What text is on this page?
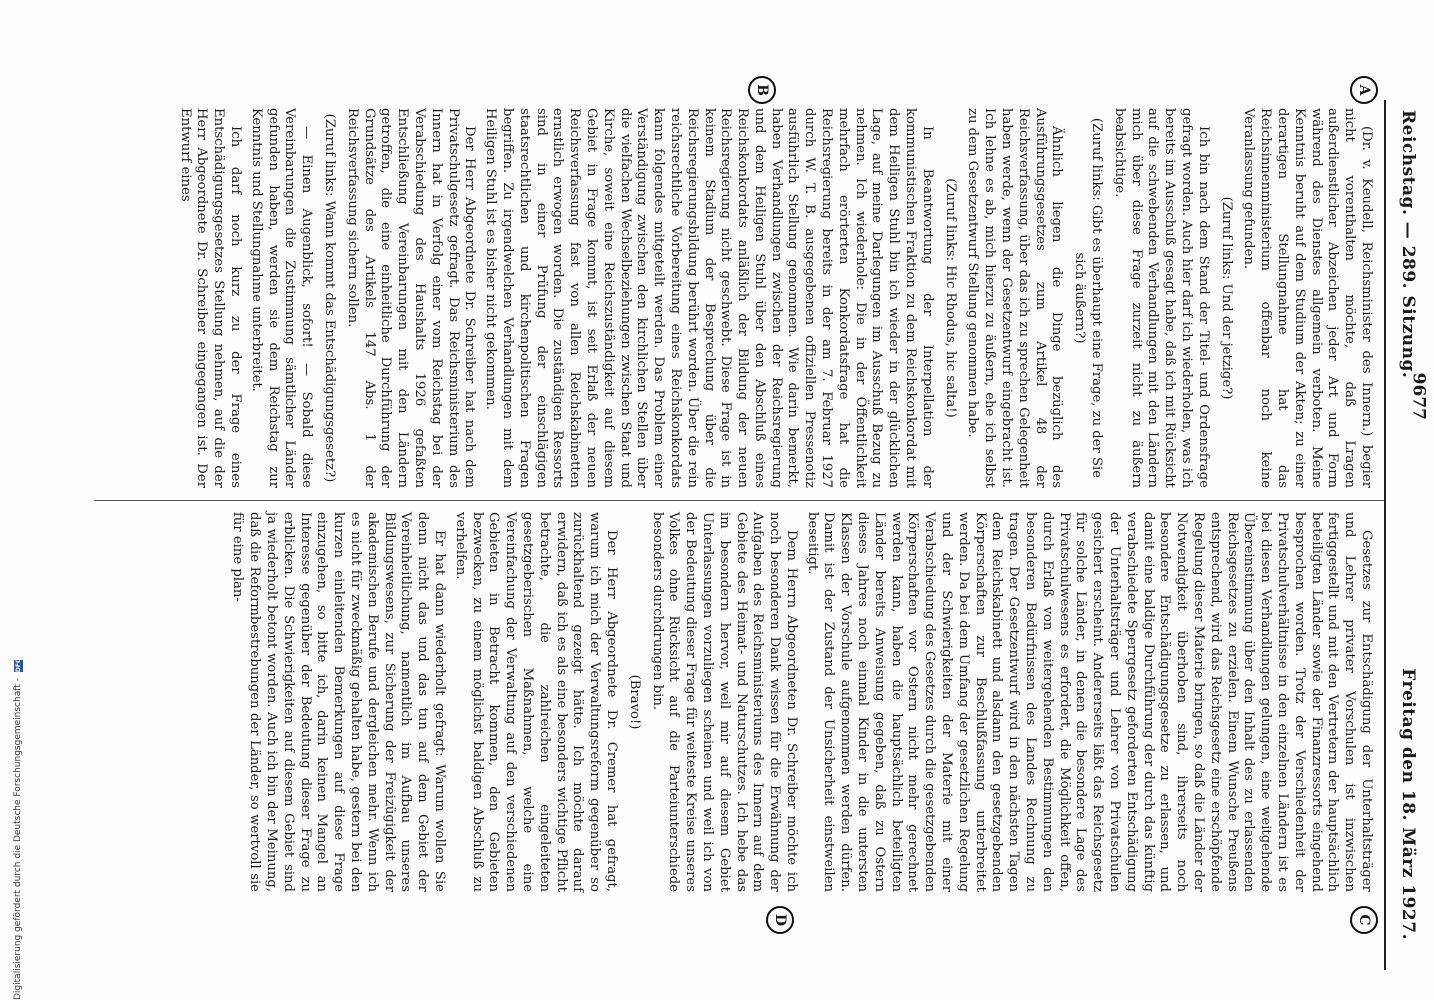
Reichstag. — 289. Sitzung.
Freitag den 18. März 1927.
A
B
C
D

(Dr. v. Keudell, Reichsminister des Innern.) begier nicht vorenthalten möchte, daß Lragen außerdienstlicher Abzeichen jeder Art und Form während des Dienstes allgemein verboten. Meine Kenntnis beruht auf dem Studium der Akten; zu einer derartigen Stellungnahme hat das Reichsinnenministerium offenbar noch keine Veranlassung gefunden.

(Zuruf links: Und der jetzige?)

Ich bin nach dem Stand der Titel- und Ordensfrage gefragt worden. Auch hier darf ich wiederholen, was ich bereits im Ausschuß gesagt habe, daß ich mit Rücksicht auf die schwebenden Verhandlungen mit den Ländern mich über diese Frage zurzeit nicht zu äußern beabsichtige.

(Zuruf links: Gibt es überhaupt eine Frage, zu der Sie sich äußern?)

Ähnlich liegen die Dinge bezüglich des Ausführungsgesetzes zum Artikel 48 der Reichsverfassung, über das ich zu sprechen Gelegenheit haben werde, wenn der Gesetzentwurf eingebracht ist. Ich lehne es ab, mich hierzu zu äußern, ehe ich selbst zu dem Gesetzentwurf Stellung genommen habe.

(Zuruf links: Hic Rhodus, hic salta!)

In Beantwortung der Interpellation der kommunistischen Fraktion zu dem Reichskonkordat mit dem Heiligen Stuhl bin ich wieder in der glücklichen Lage, auf meine Darlegungen im Ausschuß Bezug zu nehmen. Ich wiederhole: Die in der Öffentlichkeit mehrfach erörterten Konkordatsfrage hat die Reichsregierung bereits in der am 7. Februar 1927 durch W. T. B. ausgegebenen offiziellen Pressenotiz ausführlich Stellung genommen. Wie darin bemerkt, haben Verhandlungen zwischen der Reichsregierung und dem Heiligen Stuhl über den Abschluß eines Reichskonkordats anläßlich der Bildung der neuen Reichsregierung nicht geschwebt. Diese Frage ist in keinem Stadium der Besprechung über die Reichsregierungsbildung berührt worden. Über die rein reichsrechtliche Vorbereitung eines Reichskonkordats kann folgendes mitgeteilt werden. Das Problem einer Verständigung zwischen den kirchlichen Stellen über die vielfachen Wechselbeziehungen zwischen Staat und Kirche, soweit eine Reichszuständigkeit auf diesem Gebiet in Frage kommt, ist seit Erlaß der neuen Reichsverfassung fast von allen Reichskabinetten ernstlich erwogen worden. Die zuständigen Ressorts sind in einer Prüfung der einschlägigen staatsrechtlichen und kirchenpolitischen Fragen begriffen. Zu irgendwelchen Verhandlungen mit dem Heiligen Stuhl ist es bisher nicht gekommen.

Der Herr Abgeordnete Dr. Schreiber hat nach dem Privatschulgesetz gefragt. Das Reichsministerium des Innern hat in Verfolg einer vom Reichstag bei der Verabschiedung des Haushalts 1926 gefaßten Entschließung Vereinbarungen mit den Ländern getroffen, die eine einheitliche Durchführung der Grundsätze des Artikels 147 Abs. 1 der Reichsverfassung sichern sollen.

(Zuruf links: Wann kommt das Entschädigungsgesetz?)

— Einen Augenblick, sofort! — Sobald diese Vereinbarungen die Zustimmung sämtlicher Länder gefunden haben, werden sie dem Reichstag zur Kenntnis und Stellungnahme unterbreitet.

Ich darf noch kurz zu der Frage eines Entschädigungsgesetzes Stellung nehmen, auf die der Herr Abgeordnete Dr. Schreiber eingegangen ist. Der Entwurf eines

Gesetzes zur Entschädigung der Unterhaltsträger und Lehrer privater Vorschulen ist inzwischen fertiggestellt und mit den Vertretern der hauptsächlich beteiligten Länder sowie der Finanzressorts eingehend besprochen worden. Trotz der Verschiedenheit der Privatschulverhältnisse in den einzelnen Ländern ist es bei diesen Verhandlungen gelungen, eine weitgehende Übereinstimmung über den Inhalt des zu erlassenden Reichsgesetzes zu erzielen. Einem Wunsche Preußens entsprechend, wird das Reichsgesetz eine erschöpfende Regelung dieser Materie bringen, so daß die Länder der Notwendigkeit überhoben sind, ihrerseits noch besondere Entschädigungsgesetze zu erlassen, und damit eine baldige Durchführung der durch das künftig verabschiedete Sperrgesetz geforderten Entschädigung der Unterhaltsträger und Lehrer von Privatschulen gesichert erscheint. Andererseits läßt das Reichsgesetz für solche Länder, in denen die besondere Lage des Privatschulwesens es erfordert, die Möglichkeit offen, durch Erlaß von weitergehenden Bestimmungen den besonderen Bedürfnissen des Landes Rechnung zu tragen. Der Gesetzentwurf wird in den nächsten Tagen dem Reichskabinett und alsdann den gesetzgebenden Körperschaften zur Beschlußfassung unterbreitet werden. Da bei dem Umfang der gesetzlichen Regelung und der Schwierigkeiten der Materie mit einer Verabschiedung des Gesetzes durch die gesetzgebenden Körperschaften vor Ostern nicht mehr gerechnet werden kann, haben die hauptsächlich beteiligten Länder bereits Anweisung gegeben, daß zu Ostern dieses Jahres noch einmal Kinder in die untersten Klassen der Vorschule aufgenommen werden dürfen. Damit ist der Zustand der Unsicherheit einstweilen beseitigt.

Dem Herrn Abgeordneten Dr. Schreiber möchte ich noch besonderen Dank wissen für die Erwähnung der Aufgaben des Reichsministeriums des Innern auf dem Gebiete des Heimat- und Naturschutzes. Ich hebe das im besondern hervor, weil mir auf diesem Gebiet Unterlassungen vorzuliegen scheinen und weil ich von der Bedeutung dieser Frage für weiteste Kreise unseres Volkes ohne Rücksicht auf die Parteiunterschiede besonders durchdrungen bin.

(Bravo!)

Der Herr Abgeordnete Dr. Cremer hat gefragt, warum ich mich der Verwaltungsreform gegenüber so zurückhaltend gezeigt hätte. Ich möchte darauf erwidern, daß ich es als eine besonders wichtige Pflicht betrachte, die zahlreichen eingeleiteten gesetzgeberischen Maßnahmen, welche eine Vereinfachung der Verwaltung auf den verschiedenen Gebieten in Betracht kommen, den Gebieten bezwecken, zu einem möglichst baldigen Abschluß zu verhelfen.

Er hat dann wiederholt gefragt: Warum wollen Sie denn nicht das und das tun auf dem Gebiet der Vereinheitlichung, namentlich im Aufbau unseres Bildungswesens, zur Sicherung der Freizügigkeit der akademischen Berufe und dergleichen mehr. Wenn ich es nicht für zweckmäßig gehalten habe, gestern bei den kurzen einleitenden Bemerkungen auf diese Frage einzugehen, so bitte ich, darin keinen Mangel an Interesse gegenüber der Bedeutung dieser Frage zu erblicken. Die Schwierigkeiten auf diesem Gebiet sind ja wiederholt betont worden. Auch ich bin der Meinung, daß die Reformbestrebungen der Länder, so wertvoll sie für eine plan-

Digitalisierung gefördert durch die Deutsche Forschungsgemeinschaft -
DFG
9677
